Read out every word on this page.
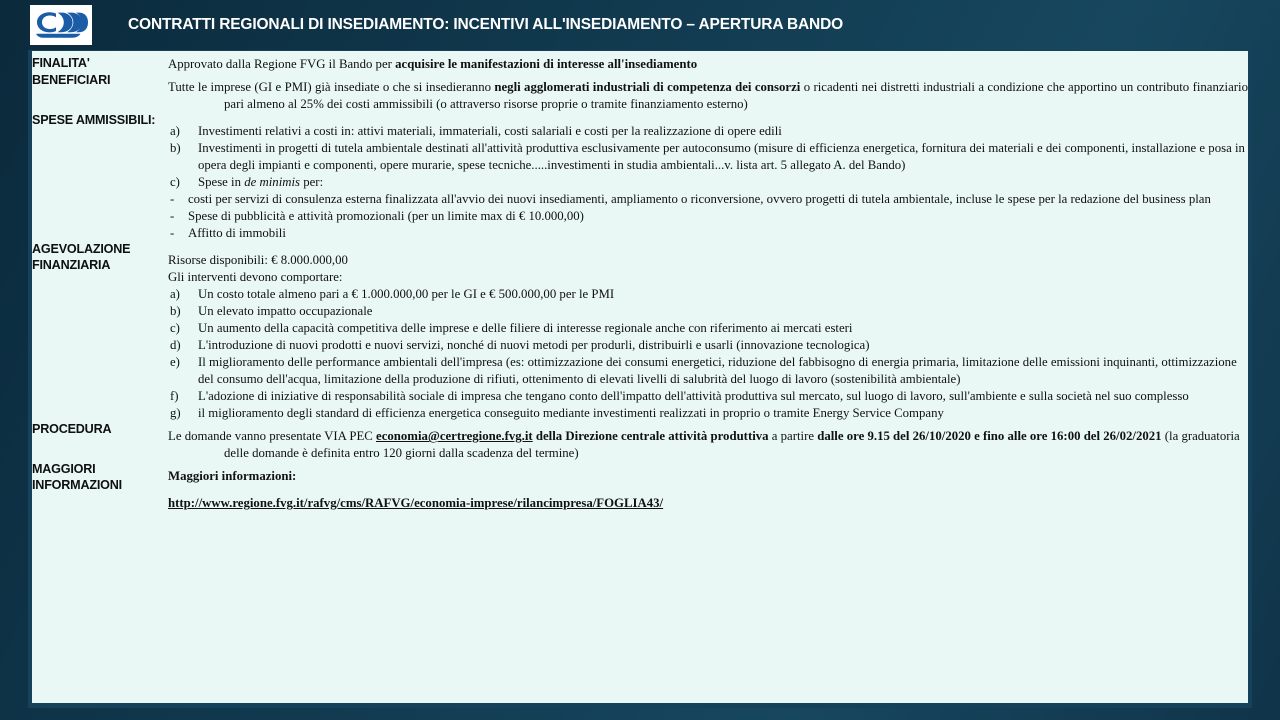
CONTRATTI REGIONALI DI INSEDIAMENTO: INCENTIVI ALL'INSEDIAMENTO – APERTURA BANDO
FINALITA'	Approvato dalla Regione FVG il Bando per acquisire le manifestazioni di interesse all'insediamento

BENEFICIARI	Tutte le imprese (GI e PMI) già insediate o che si insedieranno negli agglomerati industriali di competenza dei consorzi o ricadenti nei distretti industriali a condizione che apportino un contributo finanziario pari almeno al 25% dei costi ammissibili (o attraverso risorse proprie o tramite finanziamento esterno)

SPESE AMMISSIBILI:	
a)	Investimenti relativi a costi in: attivi materiali, immateriali, costi salariali e costi per la realizzazione di opere edili
b)	Investimenti in progetti di tutela ambientale destinati all'attività produttiva esclusivamente per autoconsumo (misure di efficienza energetica, fornitura dei materiali e dei componenti, installazione e posa in opera degli impianti e componenti, opere murarie, spese tecniche.....investimenti in studia ambientali...v. lista art. 5 allegato A. del Bando)
c)	Spese in de minimis per:
-	costi per servizi di consulenza esterna finalizzata all'avvio dei nuovi insediamenti, ampliamento o riconversione, ovvero progetti di tutela ambientale, incluse le spese per la redazione del business plan
-	Spese di pubblicità e attività promozionali (per un limite max di € 10.000,00)
-	Affitto di immobili

AGEVOLAZIONE FINANZIARIA	Risorse disponibili: € 8.000.000,00
Gli interventi devono comportare:
a)	Un costo totale almeno pari a € 1.000.000,00 per le GI e € 500.000,00 per le PMI
b)	Un elevato impatto occupazionale
c)	Un aumento della capacità competitiva delle imprese e delle filiere di interesse regionale anche con riferimento ai mercati esteri
d)	L'introduzione di nuovi prodotti e nuovi servizi, nonché di nuovi metodi per produrli, distribuirli e usarli (innovazione tecnologica)
e)	Il miglioramento delle performance ambientali dell'impresa (es: ottimizzazione dei consumi energetici, riduzione del fabbisogno di energia primaria, limitazione delle emissioni inquinanti, ottimizzazione del consumo dell'acqua, limitazione della produzione di rifiuti, ottenimento di elevati livelli di salubrità del luogo di lavoro (sostenibilità ambientale)
f)	L'adozione di iniziative di responsabilità sociale di impresa che tengano conto dell'impatto dell'attività produttiva sul mercato, sul luogo di lavoro, sull'ambiente e sulla società nel suo complesso
g)	il miglioramento degli standard di efficienza energetica conseguito mediante investimenti realizzati in proprio o tramite Energy Service Company

PROCEDURA	Le domande vanno presentate VIA PEC economia@certregione.fvg.it della Direzione centrale attività produttiva a partire dalle ore 9.15 del 26/10/2020 e fino alle ore 16:00 del 26/02/2021 (la graduatoria delle domande è definita entro 120 giorni dalla scadenza del termine)

MAGGIORI INFORMAZIONI	Maggiori informazioni:
http://www.regione.fvg.it/rafvg/cms/RAFVG/economia-imprese/rilancimpresa/FOGLIA43/
